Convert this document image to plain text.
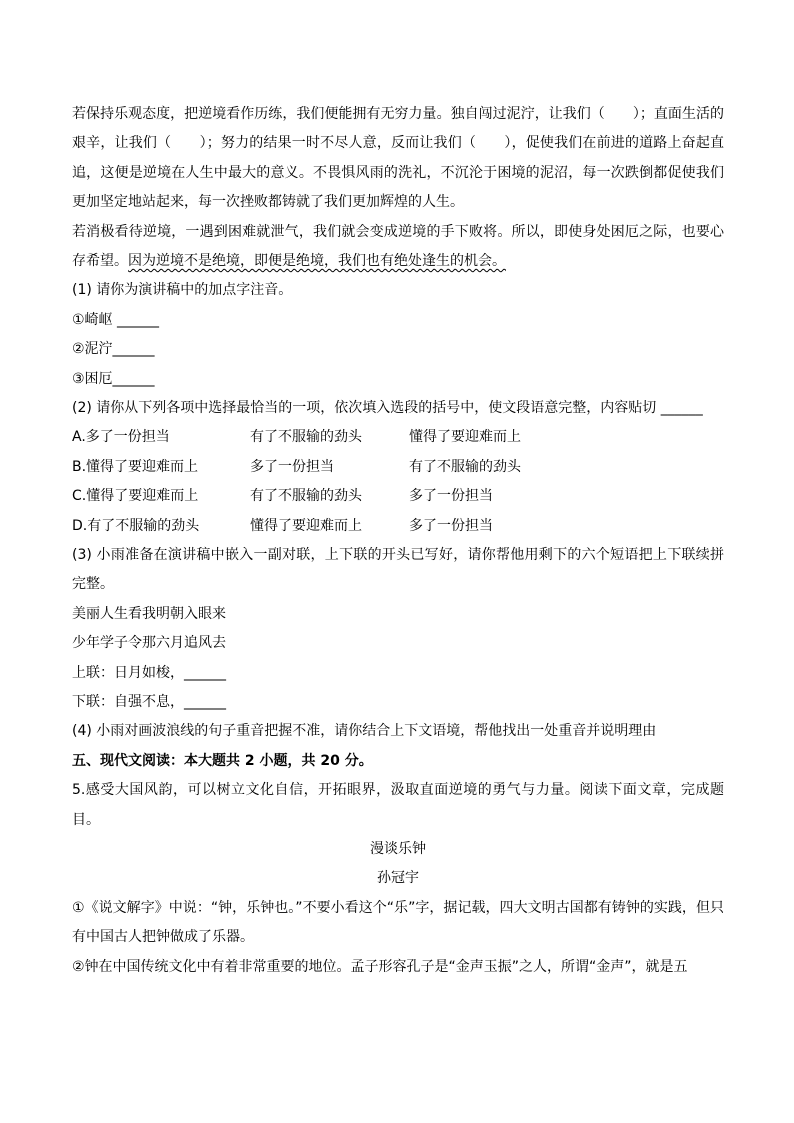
若保持乐观态度，把逆境看作历练，我们便能拥有无穷力量。独自闯过泥泞，让我们（　　）；直面生活的艰辛，让我们（　　）；努力的结果一时不尽人意，反而让我们（　　），促使我们在前进的道路上奋起直追，这便是逆境在人生中最大的意义。不畏惧风雨的洗礼，不沉沦于困境的泥沼，每一次跌倒都促使我们更加坚定地站起来，每一次挫败都铸就了我们更加辉煌的人生。

若消极看待逆境，一遇到困难就泄气，我们就会变成逆境的手下败将。所以，即使身处困厄之际，也要心存希望。因为逆境不是绝境，即便是绝境，我们也有绝处逢生的机会。

(1) 请你为演讲稿中的加点字注音。

①崎岖 ______

②泥泞______

③困厄______

(2) 请你从下列各项中选择最恰当的一项，依次填入选段的括号中，使文段语意完整，内容贴切 ______

A.多了一份担当	有了不服输的劲头	懂得了要迎难而上
B.懂得了要迎难而上	多了一份担当	有了不服输的劲头
C.懂得了要迎难而上	有了不服输的劲头	多了一份担当
D.有了不服输的劲头	懂得了要迎难而上	多了一份担当

(3) 小雨准备在演讲稿中嵌入一副对联，上下联的开头已写好，请你帮他用剩下的六个短语把上下联续拼完整。

美丽人生看我明朝入眼来

少年学子令那六月追风去

上联：日月如梭，______

下联：自强不息，______

(4) 小雨对画波浪线的句子重音把握不准，请你结合上下文语境，帮他找出一处重音并说明理由

五、现代文阅读：本大题共 2 小题，共 20 分。

5.感受大国风韵，可以树立文化自信，开拓眼界，汲取直面逆境的勇气与力量。阅读下面文章，完成题目。

漫谈乐钟

孙冠宇

①《说文解字》中说：“钟，乐钟也。”不要小看这个“乐”字，据记载，四大文明古国都有铸钟的实践，但只有中国古人把钟做成了乐器。

②钟在中国传统文化中有着非常重要的地位。孟子形容孔子是“金声玉振”之人，所谓“金声”，就是五
